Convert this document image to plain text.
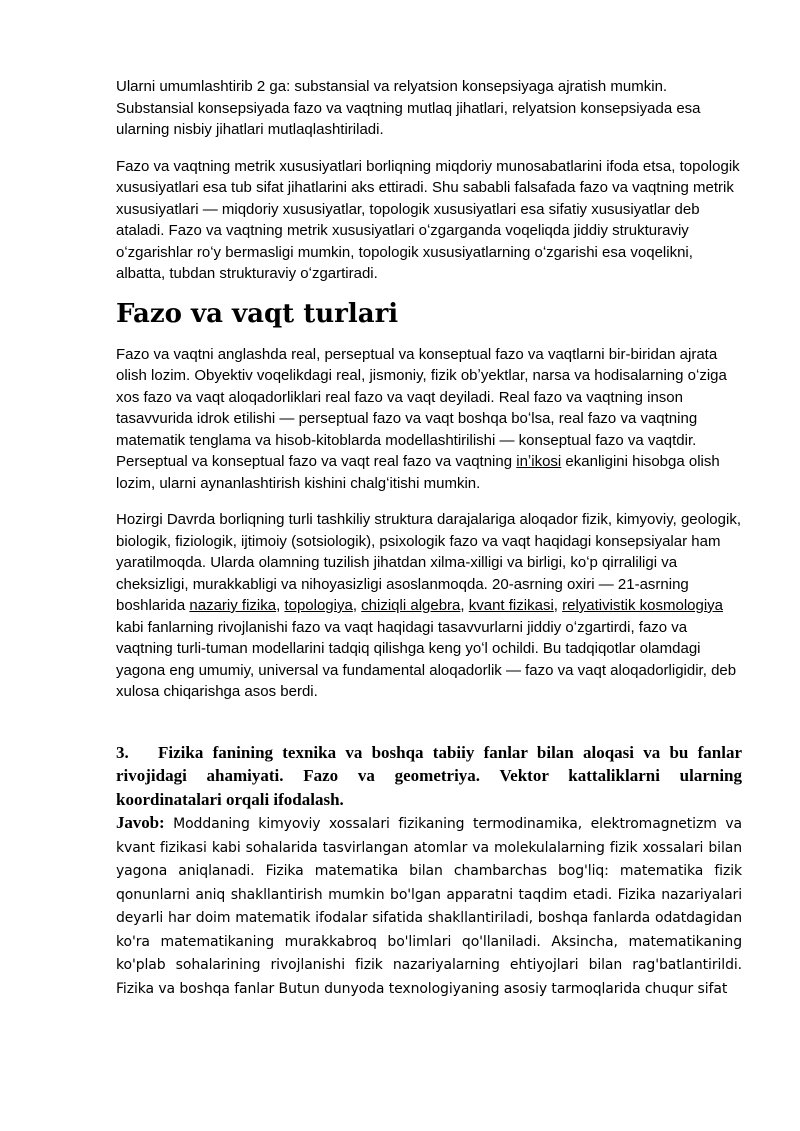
Ularni umumlashtirib 2 ga: substansial va relyatsion konsepsiyaga ajratish mumkin. Substansial konsepsiyada fazo va vaqtning mutlaq jihatlari, relyatsion konsepsiyada esa ularning nisbiy jihatlari mutlaqlashtiriladi.

Fazo va vaqtning metrik xususiyatlari borliqning miqdoriy munosabatlarini ifoda etsa, topologik xususiyatlari esa tub sifat jihatlarini aks ettiradi. Shu sababli falsafada fazo va vaqtning metrik xususiyatlari — miqdoriy xususiyatlar, topologik xususiyatlari esa sifatiy xususiyatlar deb ataladi. Fazo va vaqtning metrik xususiyatlari oʻzgarganda voqeliqda jiddiy strukturaviy oʻzgarishlar roʻy bermasligi mumkin, topologik xususiyatlarning oʻzgarishi esa voqelikni, albatta, tubdan strukturaviy oʻzgartiradi.

Fazo va vaqt turlari

Fazo va vaqtni anglashda real, perseptual va konseptual fazo va vaqtlarni bir-biridan ajrata olish lozim. Obyektiv voqelikdagi real, jismoniy, fizik obʼyektlar, narsa va hodisalarning oʻziga xos fazo va vaqt aloqadorliklari real fazo va vaqt deyiladi. Real fazo va vaqtning inson tasavvurida idrok etilishi — perseptual fazo va vaqt boshqa boʻlsa, real fazo va vaqtning matematik tenglama va hisob-kitoblarda modellashtirilishi — konseptual fazo va vaqtdir. Perseptual va konseptual fazo va vaqt real fazo va vaqtning inʼikosi ekanligini hisobga olish lozim, ularni aynanlashtirish kishini chalgʻitishi mumkin.

Hozirgi Davrda borliqning turli tashkiliy struktura darajalariga aloqador fizik, kimyoviy, geologik, biologik, fiziologik, ijtimoiy (sotsiologik), psixologik fazo va vaqt haqidagi konsepsiyalar ham yaratilmoqda. Ularda olamning tuzilish jihatdan xilma-xilligi va birligi, koʻp qirraliligi va cheksizligi, murakkabligi va nihoyasizligi asoslanmoqda. 20-asrning oxiri — 21-asrning boshlarida nazariy fizika, topologiya, chiziqli algebra, kvant fizikasi, relyativistik kosmologiya kabi fanlarning rivojlanishi fazo va vaqt haqidagi tasavvurlarni jiddiy oʻzgartirdi, fazo va vaqtning turli-tuman modellarini tadqiq qilishga keng yoʻl ochildi. Bu tadqiqotlar olamdagi yagona eng umumiy, universal va fundamental aloqadorlik — fazo va vaqt aloqadorligidir, deb xulosa chiqarishga asos berdi.

3. Fizika fanining texnika va boshqa tabiiy fanlar bilan aloqasi va bu fanlar rivojidagi ahamiyati. Fazo va geometriya. Vektor kattaliklarni ularning koordinatalari orqali ifodalash.

Javob: Moddaning kimyoviy xossalari fizikaning termodinamika, elektromagnetizm va kvant fizikasi kabi sohalarida tasvirlangan atomlar va molekulalarning fizik xossalari bilan yagona aniqlanadi. Fizika matematika bilan chambarchas bog'liq: matematika fizik qonunlarni aniq shakllantirish mumkin bo'lgan apparatni taqdim etadi. Fizika nazariyalari deyarli har doim matematik ifodalar sifatida shakllantiriladi, boshqa fanlarda odatdagidan ko'ra matematikaning murakkabroq bo'limlari qo'llaniladi. Aksincha, matematikaning ko'plab sohalarining rivojlanishi fizik nazariyalarning ehtiyojlari bilan rag'batlantirildi. Fizika va boshqa fanlar Butun dunyoda texnologiyaning asosiy tarmoqlarida chuqur sifat
